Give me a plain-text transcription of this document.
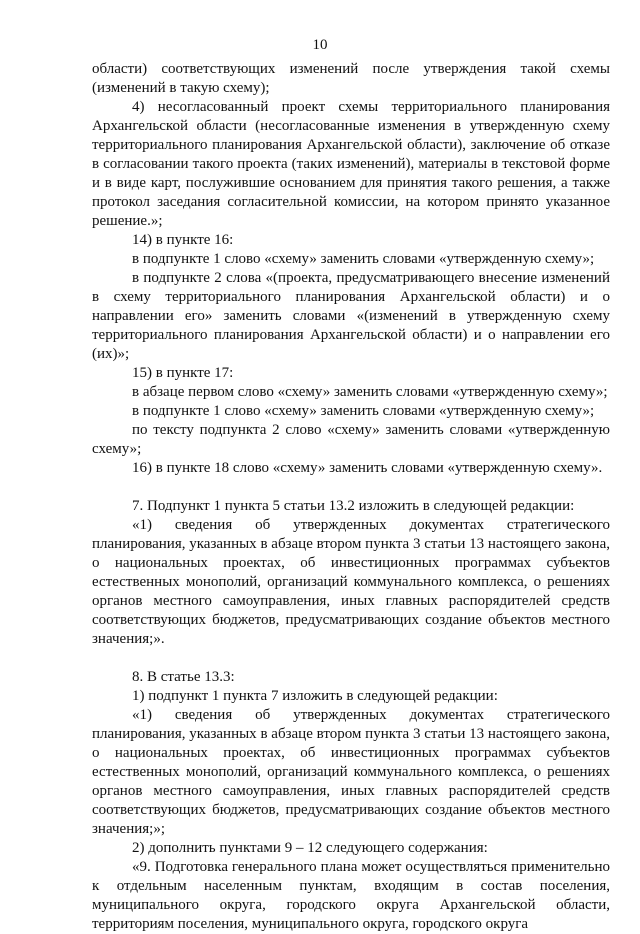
10

области) соответствующих изменений после утверждения такой схемы (изменений в такую схему);

4) несогласованный проект схемы территориального планирования Архангельской области (несогласованные изменения в утвержденную схему территориального планирования Архангельской области), заключение об отказе в согласовании такого проекта (таких изменений), материалы в текстовой форме и в виде карт, послужившие основанием для принятия такого решения, а также протокол заседания согласительной комиссии, на котором принято указанное решение.»;

14) в пункте 16:

в подпункте 1 слово «схему» заменить словами «утвержденную схему»;

в подпункте 2 слова «(проекта, предусматривающего внесение изменений в схему территориального планирования Архангельской области) и о направлении его» заменить словами «(изменений в утвержденную схему территориального планирования Архангельской области) и о направлении его (их)»;

15) в пункте 17:

в абзаце первом слово «схему» заменить словами «утвержденную схему»;

в подпункте 1 слово «схему» заменить словами «утвержденную схему»;

по тексту подпункта 2 слово «схему» заменить словами «утвержденную схему»;

16) в пункте 18 слово «схему» заменить словами «утвержденную схему».

7. Подпункт 1 пункта 5 статьи 13.2 изложить в следующей редакции:

«1) сведения об утвержденных документах стратегического планирования, указанных в абзаце втором пункта 3 статьи 13 настоящего закона, о национальных проектах, об инвестиционных программах субъектов естественных монополий, организаций коммунального комплекса, о решениях органов местного самоуправления, иных главных распорядителей средств соответствующих бюджетов, предусматривающих создание объектов местного значения;».

8. В статье 13.3:

1) подпункт 1 пункта 7 изложить в следующей редакции:

«1) сведения об утвержденных документах стратегического планирования, указанных в абзаце втором пункта 3 статьи 13 настоящего закона, о национальных проектах, об инвестиционных программах субъектов естественных монополий, организаций коммунального комплекса, о решениях органов местного самоуправления, иных главных распорядителей средств соответствующих бюджетов, предусматривающих создание объектов местного значения;»;

2) дополнить пунктами 9 – 12 следующего содержания:

«9. Подготовка генерального плана может осуществляться применительно к отдельным населенным пунктам, входящим в состав поселения, муниципального округа, городского округа Архангельской области, территориям поселения, муниципального округа, городского округа
